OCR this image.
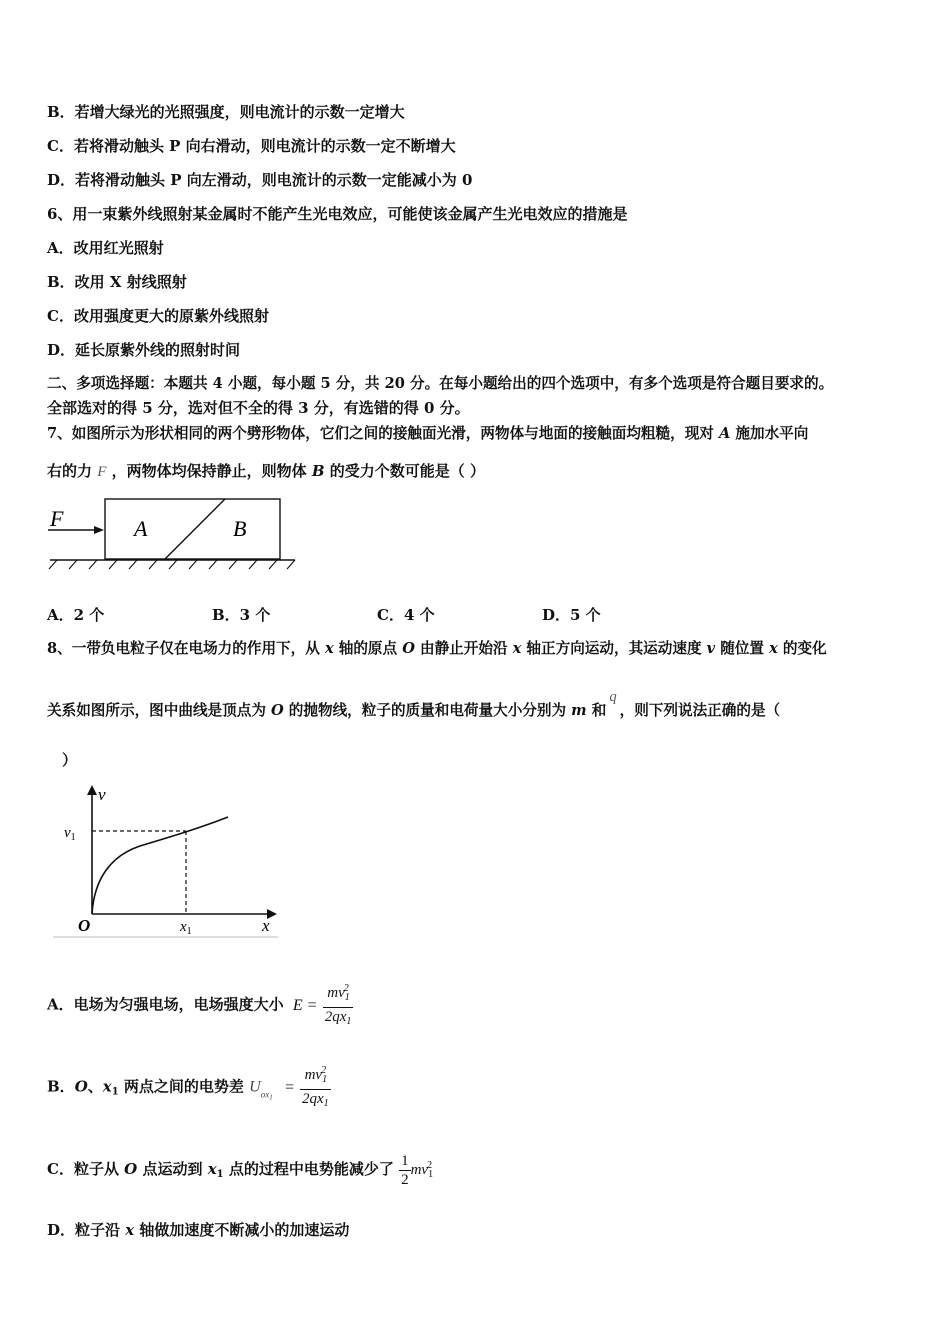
B．若增大绿光的光照强度，则电流计的示数一定增大
C．若将滑动触头 P 向右滑动，则电流计的示数一定不断增大
D．若将滑动触头 P 向左滑动，则电流计的示数一定能减小为 0
6、用一束紫外线照射某金属时不能产生光电效应，可能使该金属产生光电效应的措施是
A．改用红光照射
B．改用 X 射线照射
C．改用强度更大的原紫外线照射
D．延长原紫外线的照射时间
二、多项选择题：本题共 4 小题，每小题 5 分，共 20 分。在每小题给出的四个选项中，有多个选项是符合题目要求的。
全部选对的得 5 分，选对但不全的得 3 分，有选错的得 0 分。
7、如图所示为形状相同的两个劈形物体，它们之间的接触面光滑，两物体与地面的接触面均粗糙，现对 A 施加水平向
右的力 F ，两物体均保持静止，则物体 B 的受力个数可能是（ ）
F	A	B
A．2 个	B．3 个	C．4 个	D．5 个
8、一带负电粒子仅在电场力的作用下，从 x 轴的原点 O 由静止开始沿 x 轴正方向运动，其运动速度 v 随位置 x 的变化
关系如图所示，图中曲线是顶点为 O 的抛物线，粒子的质量和电荷量大小分别为 m 和q，则下列说法正确的是（
）
v
$v_1$
O	$x_1$	x
A．电场为匀强电场，电场强度大小 $E = \frac{mv_1^2}{2qx_1}$
B．O、$x_1$ 两点之间的电势差 $U_{ox1} = \frac{mv_1^2}{2qx_1}$
C．粒子从 O 点运动到 $x_1$ 点的过程中电势能减少了 $\frac{1}{2} mv_1^2$
D．粒子沿 x 轴做加速度不断减小的加速运动
